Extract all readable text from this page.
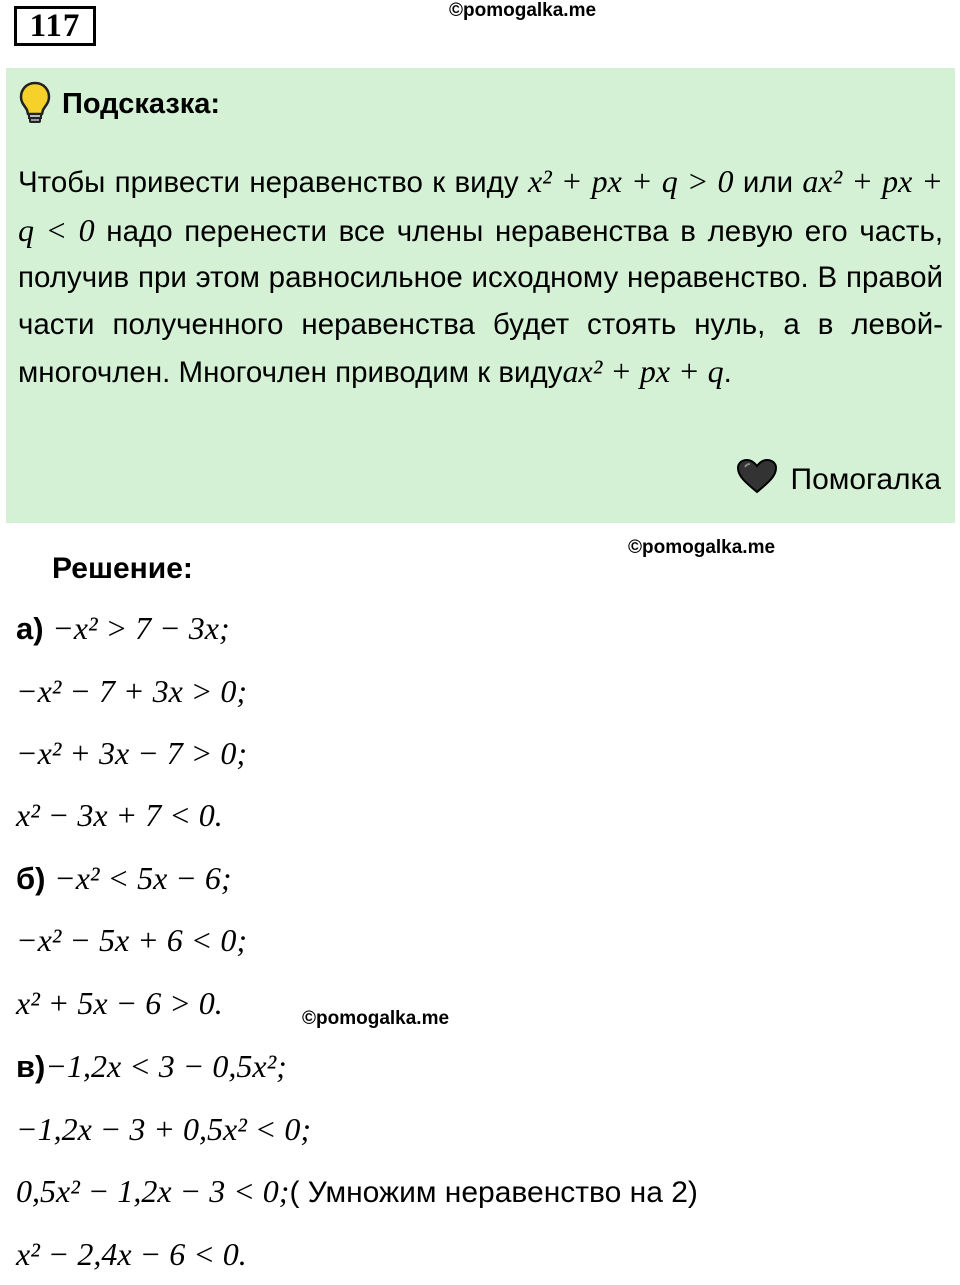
117	©pomogalka.me
Подсказка:
Чтобы привести неравенство к виду x² + px + q > 0 или ax² + px + q < 0 надо перенести все члены неравенства в левую его часть, получив при этом равносильное исходному неравенство. В правой части полученного неравенства будет стоять нуль, а в левой- многочлен. Многочлен приводим к видуax² + px + q.
Помогалка
©pomogalka.me
Решение:
а) −x² > 7 − 3x;
−x² − 7 + 3x > 0;
−x² + 3x − 7 > 0;
x² − 3x + 7 < 0.
б) −x² < 5x − 6;
−x² − 5x + 6 < 0;
x² + 5x − 6 > 0.	©pomogalka.me
в)−1,2x < 3 − 0,5x²;
−1,2x − 3 + 0,5x² < 0;
0,5x² − 1,2x − 3 < 0;( Умножим неравенство на 2)
x² − 2,4x − 6 < 0.
